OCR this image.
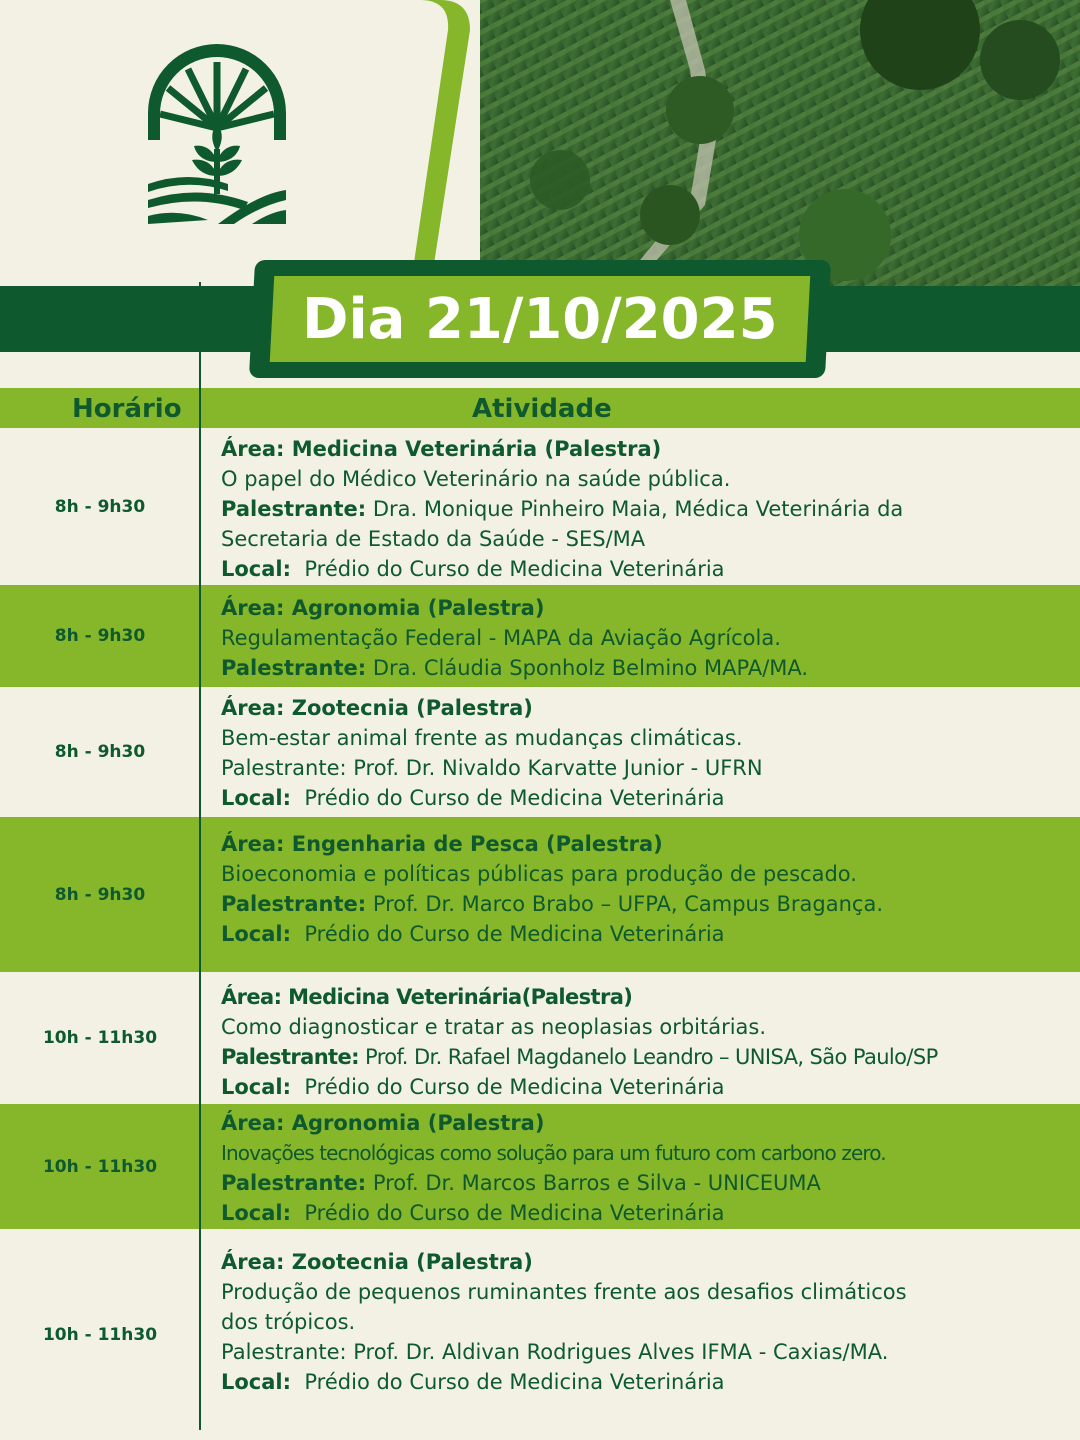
Dia 21/10/2025
Horário	Atividade
8h - 9h30
Área: Medicina Veterinária (Palestra)
O papel do Médico Veterinário na saúde pública.
Palestrante: Dra. Monique Pinheiro Maia, Médica Veterinária da
Secretaria de Estado da Saúde - SES/MA
Local: Prédio do Curso de Medicina Veterinária
8h - 9h30
Área: Agronomia (Palestra)
Regulamentação Federal - MAPA da Aviação Agrícola.
Palestrante: Dra. Cláudia Sponholz Belmino MAPA/MA.
8h - 9h30
Área: Zootecnia (Palestra)
Bem-estar animal frente as mudanças climáticas.
Palestrante: Prof. Dr. Nivaldo Karvatte Junior - UFRN
Local: Prédio do Curso de Medicina Veterinária
8h - 9h30
Área: Engenharia de Pesca (Palestra)
Bioeconomia e políticas públicas para produção de pescado.
Palestrante: Prof. Dr. Marco Brabo – UFPA, Campus Bragança.
Local: Prédio do Curso de Medicina Veterinária
10h - 11h30
Área: Medicina Veterinária(Palestra)
Como diagnosticar e tratar as neoplasias orbitárias.
Palestrante: Prof. Dr. Rafael Magdanelo Leandro – UNISA, São Paulo/SP
Local: Prédio do Curso de Medicina Veterinária
10h - 11h30
Área: Agronomia (Palestra)
Inovações tecnológicas como solução para um futuro com carbono zero.
Palestrante: Prof. Dr. Marcos Barros e Silva - UNICEUMA
Local: Prédio do Curso de Medicina Veterinária
10h - 11h30
Área: Zootecnia (Palestra)
Produção de pequenos ruminantes frente aos desafios climáticos
dos trópicos.
Palestrante: Prof. Dr. Aldivan Rodrigues Alves IFMA - Caxias/MA.
Local: Prédio do Curso de Medicina Veterinária
